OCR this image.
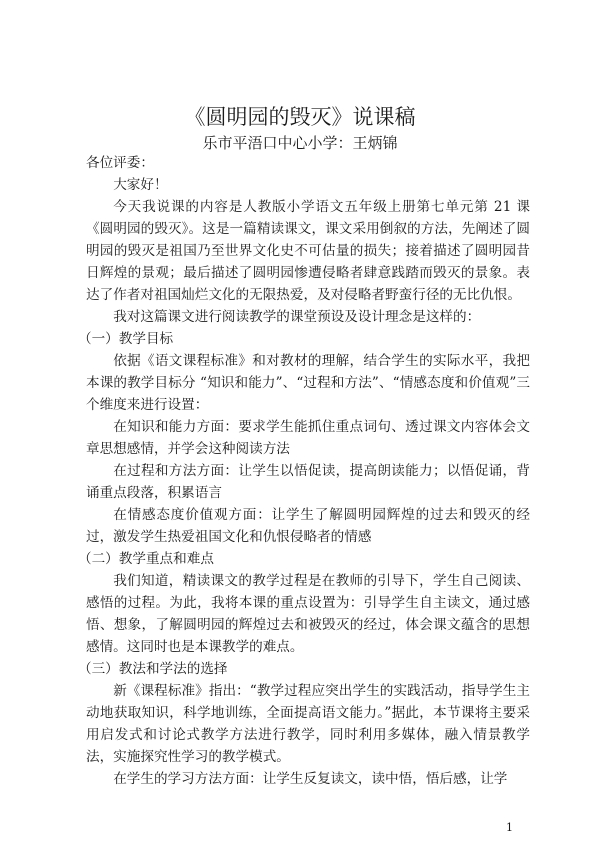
《圆明园的毁灭》说课稿

乐市平浯口中心小学：王炳锦

各位评委：

大家好！

今天我说课的内容是人教版小学语文五年级上册第七单元第 21 课《圆明园的毁灭》。这是一篇精读课文，课文采用倒叙的方法，先阐述了圆明园的毁灭是祖国乃至世界文化史不可估量的损失；接着描述了圆明园昔日辉煌的景观；最后描述了圆明园惨遭侵略者肆意践踏而毁灭的景象。表达了作者对祖国灿烂文化的无限热爱，及对侵略者野蛮行径的无比仇恨。

我对这篇课文进行阅读教学的课堂预设及设计理念是这样的：

（一）教学目标

依据《语文课程标准》和对教材的理解，结合学生的实际水平，我把本课的教学目标分 “知识和能力”、“过程和方法”、“情感态度和价值观”三个维度来进行设置：

在知识和能力方面：要求学生能抓住重点词句、透过课文内容体会文章思想感情，并学会这种阅读方法

在过程和方法方面：让学生以悟促读，提高朗读能力；以悟促诵，背诵重点段落，积累语言

在情感态度价值观方面：让学生了解圆明园辉煌的过去和毁灭的经过，激发学生热爱祖国文化和仇恨侵略者的情感

（二）教学重点和难点

我们知道，精读课文的教学过程是在教师的引导下，学生自己阅读、感悟的过程。为此，我将本课的重点设置为：引导学生自主读文，通过感悟、想象，了解圆明园的辉煌过去和被毁灭的经过，体会课文蕴含的思想感情。这同时也是本课教学的难点。

（三）教法和学法的选择

新《课程标准》指出：“教学过程应突出学生的实践活动，指导学生主动地获取知识，科学地训练，全面提高语文能力。”据此，本节课将主要采用启发式和讨论式教学方法进行教学，同时利用多媒体，融入情景教学法，实施探究性学习的教学模式。

在学生的学习方法方面：让学生反复读文，读中悟，悟后感，让学

1
